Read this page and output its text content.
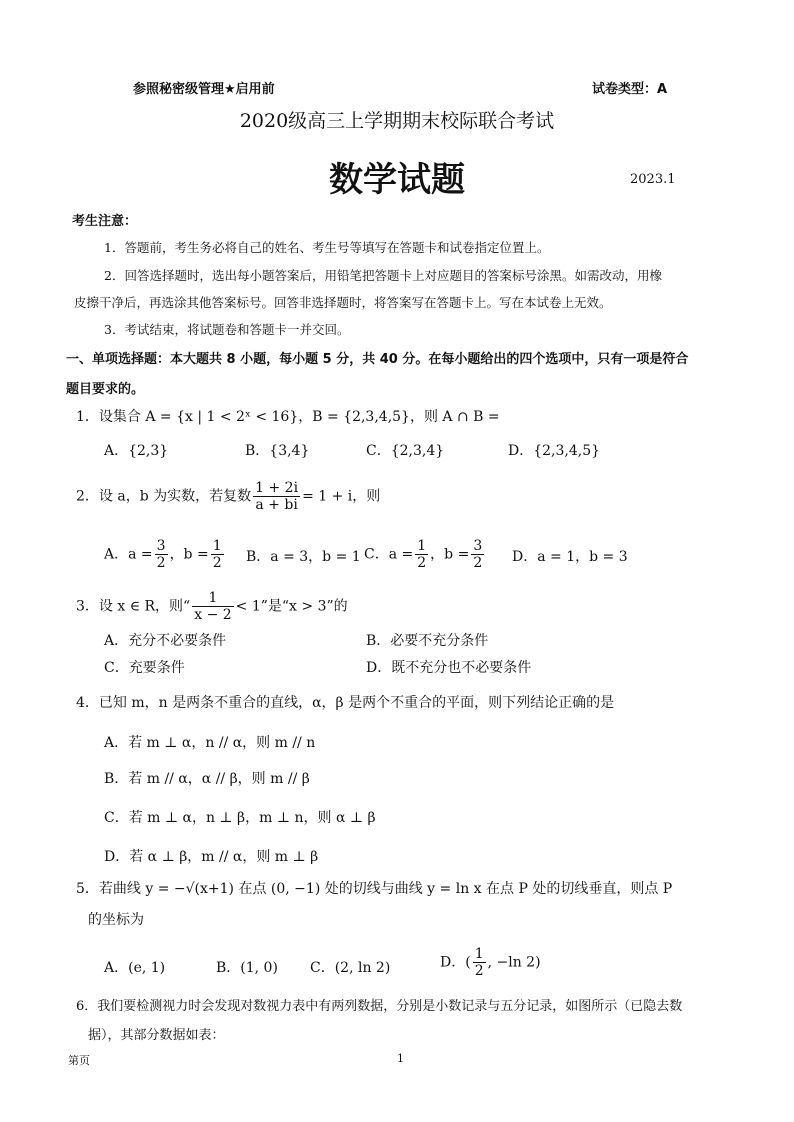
参照秘密级管理★启用前	试卷类型：A
2020级高三上学期期末校际联合考试
数学试题	2023.1
考生注意：
1．答题前，考生务必将自己的姓名、考生号等填写在答题卡和试卷指定位置上。
2．回答选择题时，选出每小题答案后，用铅笔把答题卡上对应题目的答案标号涂黑。如需改动，用橡
皮擦干净后，再选涂其他答案标号。回答非选择题时，将答案写在答题卡上。写在本试卷上无效。
3．考试结束，将试题卷和答题卡一并交回。
一、单项选择题：本大题共 8 小题，每小题 5 分，共 40 分。在每小题给出的四个选项中，只有一项是符合
题目要求的。
1．设集合 A = {x | 1 < 2ˣ < 16}，B = {2,3,4,5}，则 A ∩ B =
A．{2,3}	B．{3,4}	C．{2,3,4}	D．{2,3,4,5}
2．设 a，b 为实数，若复数 $\frac{1 + 2i}{a + bi} = 1 + i$，则
A．$a = \frac{3}{2}$ ，$b = \frac{1}{2}$ B．a = 3，b = 1 C．$a = \frac{1}{2}$ ，$b = \frac{3}{2}$ D．a = 1，b = 3
3．设 x ∈ R，则“ $\frac{1}{x - 2} < 1$”是“x > 3”的
A．充分不必要条件	B．必要不充分条件
C．充要条件	D．既不充分也不必要条件
4．已知 m，n 是两条不重合的直线，α，β 是两个不重合的平面，则下列结论正确的是
A．若 m ⊥ α，n // α，则 m // n
B．若 m // α，α // β，则 m // β
C．若 m ⊥ α，n ⊥ β，m ⊥ n，则 α ⊥ β
D．若 α ⊥ β，m // α，则 m ⊥ β
5．若曲线 y = −√(x+1) 在点 (0, −1) 处的切线与曲线 y = ln x 在点 P 处的切线垂直，则点 P
的坐标为
A．(e, 1)	B．(1, 0) C．(2, ln 2)	D．( $\frac{1}{2}$ , −ln 2)
6．我们要检测视力时会发现对数视力表中有两列数据，分别是小数记录与五分记录，如图所示（已隐去数
据），其部分数据如表：
第页	1
